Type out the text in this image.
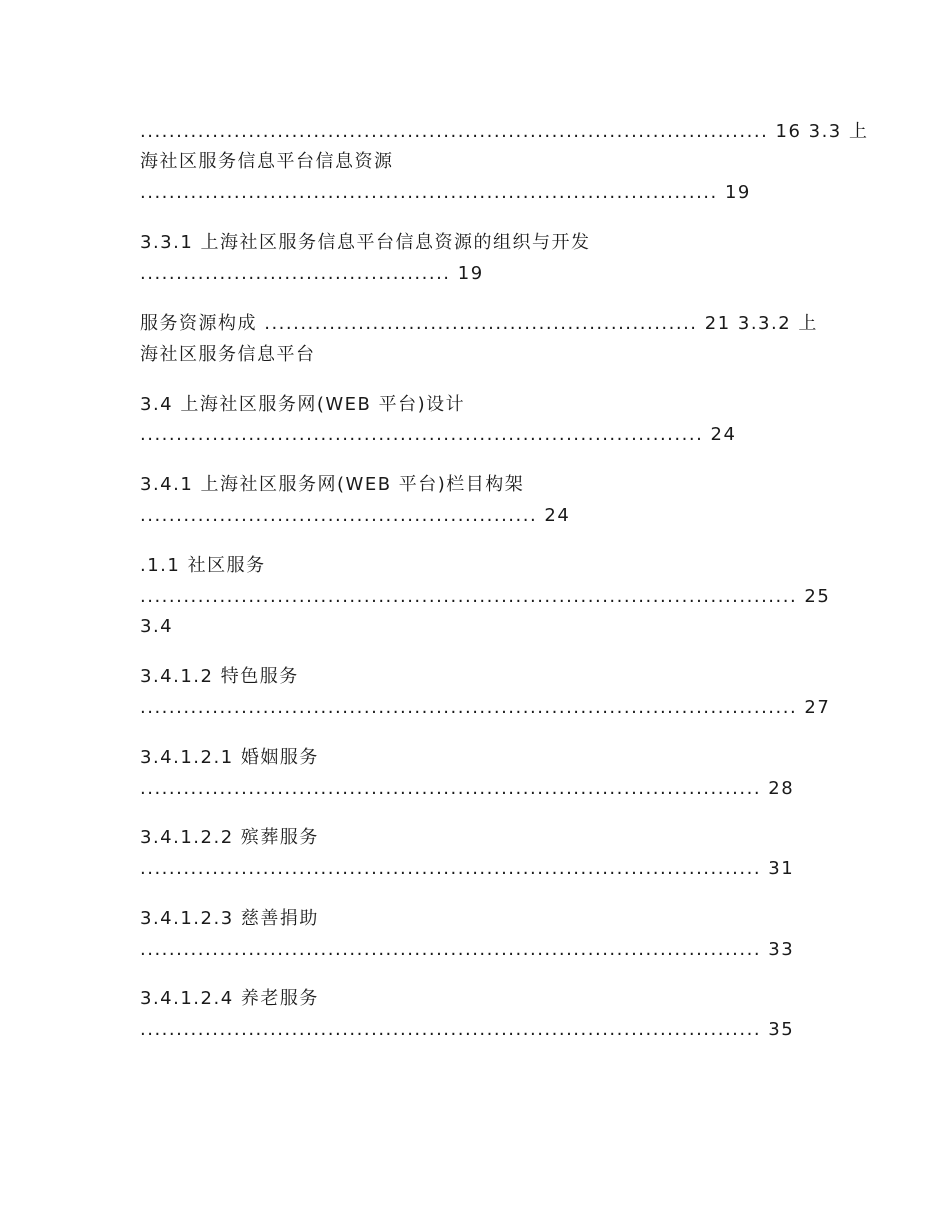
....................................................................................... 16 3.3 上
海社区服务信息平台信息资源
................................................................................ 19
3.3.1 上海社区服务信息平台信息资源的组织与开发
........................................... 19
服务资源构成 ............................................................ 21 3.3.2 上
海社区服务信息平台
3.4 上海社区服务网(WEB 平台)设计
.............................................................................. 24
3.4.1 上海社区服务网(WEB 平台)栏目构架
....................................................... 24
.1.1 社区服务
........................................................................................... 25
3.4
3.4.1.2 特色服务
........................................................................................... 27
3.4.1.2.1 婚姻服务
...................................................................................... 28
3.4.1.2.2 殡葬服务
...................................................................................... 31
3.4.1.2.3 慈善捐助
...................................................................................... 33
3.4.1.2.4 养老服务
...................................................................................... 35
